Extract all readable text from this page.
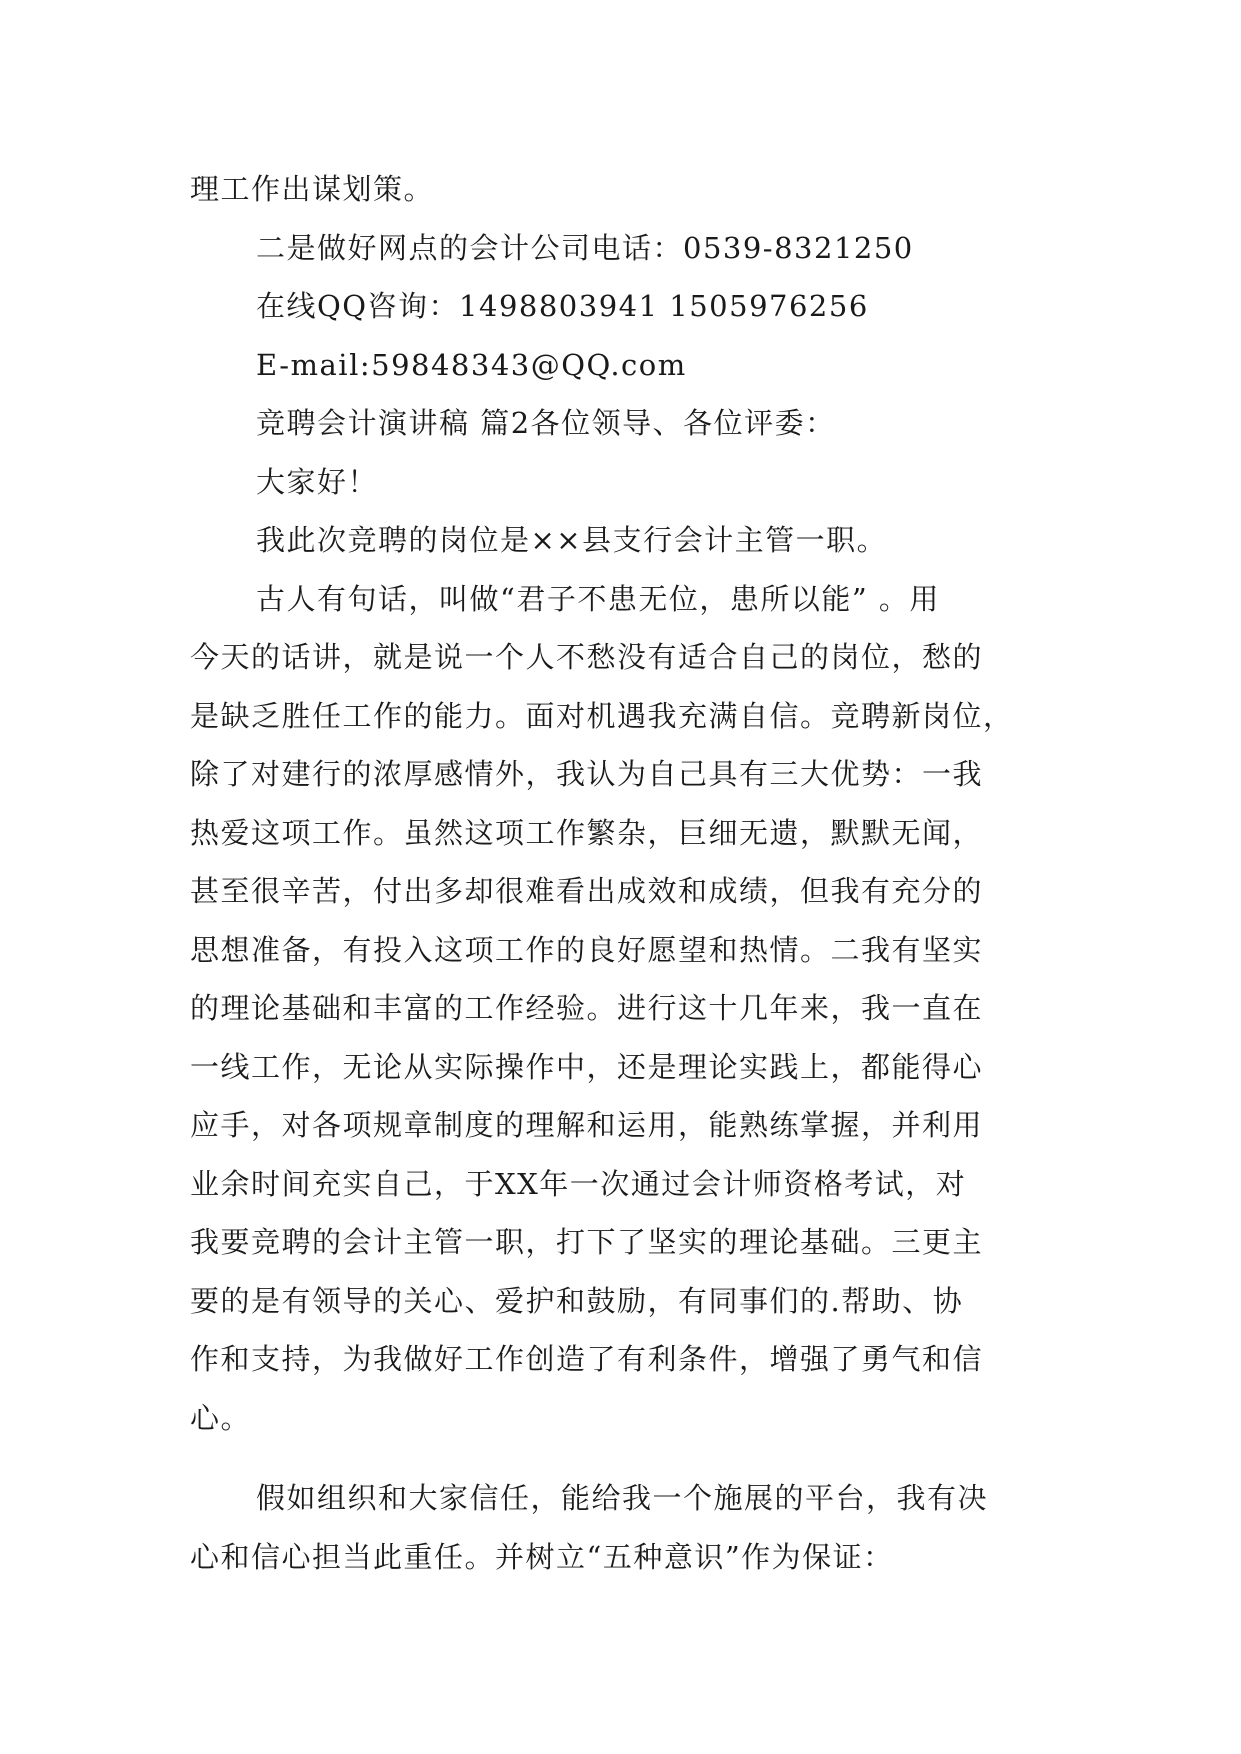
理工作出谋划策。
二是做好网点的会计公司电话：0539-8321250
在线QQ咨询：1498803941 1505976256
E-mail:59848343@QQ.com
竞聘会计演讲稿 篇2各位领导、各位评委：
大家好！
我此次竞聘的岗位是××县支行会计主管一职。
古人有句话，叫做“君子不患无位，患所以能” 。用
今天的话讲，就是说一个人不愁没有适合自己的岗位，愁的
是缺乏胜任工作的能力。面对机遇我充满自信。竞聘新岗位，
除了对建行的浓厚感情外，我认为自己具有三大优势：一我
热爱这项工作。虽然这项工作繁杂，巨细无遗，默默无闻，
甚至很辛苦，付出多却很难看出成效和成绩，但我有充分的
思想准备，有投入这项工作的良好愿望和热情。二我有坚实
的理论基础和丰富的工作经验。进行这十几年来，我一直在
一线工作，无论从实际操作中，还是理论实践上，都能得心
应手，对各项规章制度的理解和运用，能熟练掌握，并利用
业余时间充实自己，于XX年一次通过会计师资格考试，对
我要竞聘的会计主管一职，打下了坚实的理论基础。三更主
要的是有领导的关心、爱护和鼓励，有同事们的.帮助、协
作和支持，为我做好工作创造了有利条件，增强了勇气和信
心。
假如组织和大家信任，能给我一个施展的平台，我有决
心和信心担当此重任。并树立“五种意识”作为保证：
